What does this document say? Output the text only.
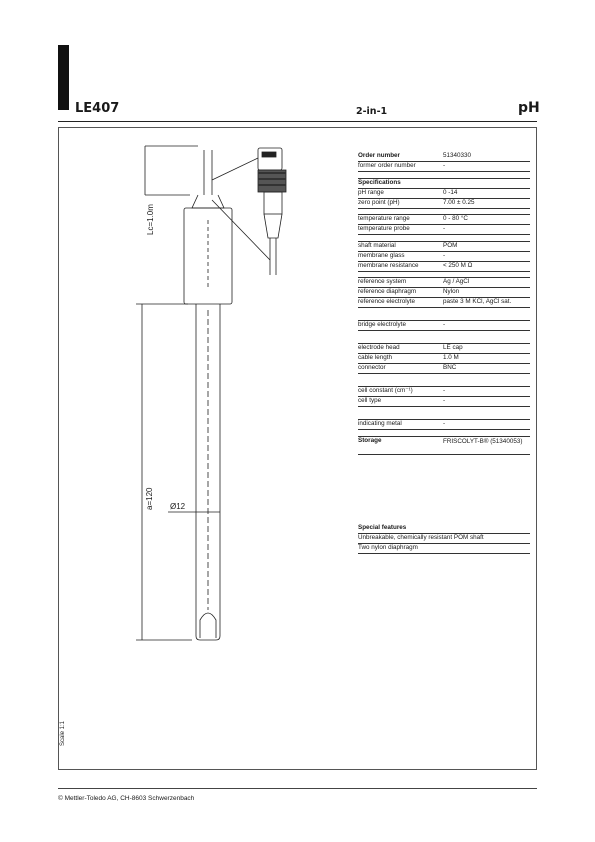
LE407	2-in-1	pH
Scale 1:1
Lc=1.0m
a=120 Ø12
Order number	51340330
former order number	-
Specifications
pH range	0 -14
zero point (pH)	7.00 ± 0.25
temperature range	0 - 80 °C
temperature probe	-
shaft material	POM
membrane glass	-
membrane resistance	< 250 M Ω
reference system	Ag / AgCl
reference diaphragm	Nylon
reference electrolyte	paste 3 M KCl, AgCl sat.
bridge electrolyte	-
electrode head	LE cap
cable length	1.0 M
connector	BNC
cell constant (cm⁻¹)	-
cell type	-
indicating metal	-
Storage	FRISCOLYT-B® (51340053)
Special features
Unbreakable, chemically resistant POM shaft
Two nylon diaphragm
© Mettler-Toledo AG, CH-8603 Schwerzenbach
